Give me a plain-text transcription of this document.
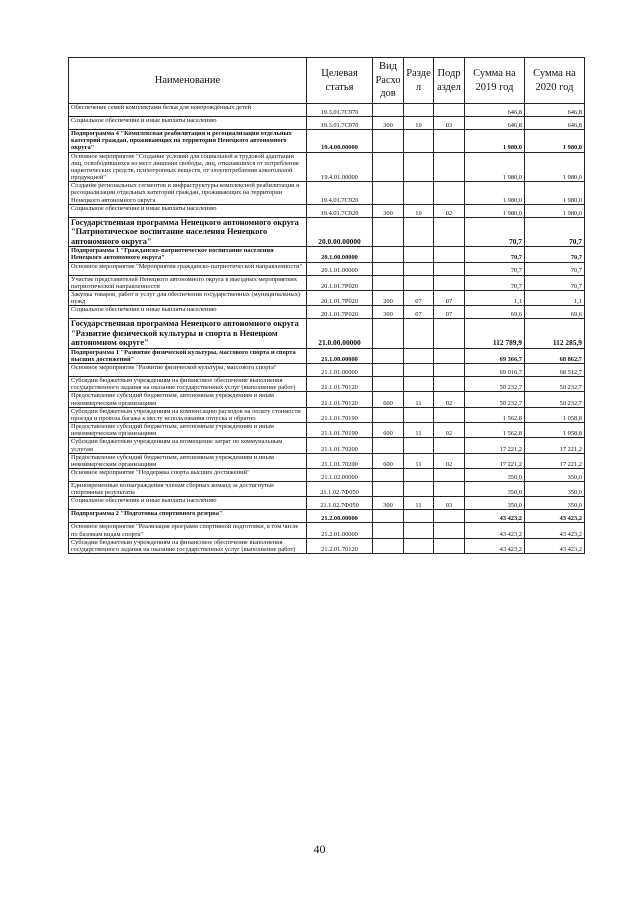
Наименование	Целевая статья	Вид Расхо дов	Разде л	Подр аздел	Сумма на 2019 год	Сумма на 2020 год
Обеспечение семей комплектами белья для новорождённых детей	19.3.01.7С970				646,8	646,8
Социальное обеспечение и иные выплаты населению	19.3.01.7С970	300	10	03	646,8	646,8
Подпрограмма 4 "Комплексная реабилитация и ресоциализация отдельных категорий граждан, проживающих на территории Ненецкого автономного округа"	19.4.00.00000				1 980,0	1 980,0
Основное мероприятие "Создание условий для социальной и трудовой адаптации лиц, освободившихся из мест лишения свободы, лиц, отказавшихся от потребления наркотических средств, психотропных веществ, от злоупотребления алкогольной продукцией"	19.4.01.00000				1 980,0	1 980,0
Создание региональных сегментов и инфраструктуры комплексной реабилитации и ресоциализации отдельных категорий граждан, проживающих на территории Ненецкого автономного округа	19.4.01.7С920				1 980,0	1 980,0
Социальное обеспечение и иные выплаты населению	19.4.01.7С920	300	10	02	1 980,0	1 980,0
Государственная программа Ненецкого автономного округа "Патриотическое воспитание населения Ненецкого автономного округа"	20.0.00.00000				70,7	70,7
Подпрограмма 1 "Гражданско-патриотическое воспитание населения Ненецкого автономного округа"	20.1.00.00000				70,7	70,7
Основное мероприятие "Мероприятия гражданско-патриотической направленности"	20.1.01.00000				70,7	70,7
Участие представителей Ненецкого автономного округа в выездных мероприятиях патриотической направленности	20.1.01.7Р020				70,7	70,7
Закупка товаров, работ и услуг для обеспечения государственных (муниципальных) нужд	20.1.01.7Р020	200	07	07	1,1	1,1
Социальное обеспечение и иные выплаты населению	20.1.01.7Р020	300	07	07	69,6	69,6
Государственная программа Ненецкого автономного округа "Развитие физической культуры и спорта в Ненецком автономном округе"	21.0.00.00000				112 789,9	112 285,9
Подпрограмма 1 "Развитие физической культуры, массового спорта и спорта высших достижений"	21.1.00.00000				69 366,7	68 862,7
Основное мероприятие "Развитие физической культуры, массового спорта"	21.1.01.00000				69 016,7	68 512,7
Субсидии бюджетным учреждениям на финансовое обеспечение выполнения государственного задания на оказание государственных услуг (выполнение работ)	21.1.01.70120				50 232,7	50 232,7
Предоставление субсидий бюджетным, автономным учреждениям и иным некоммерческим организациям	21.1.01.70120	600	11	02	50 232,7	50 232,7
Субсидии бюджетным учреждениям на компенсацию расходов на оплату стоимости проезда и провоза багажа к месту использования отпуска и обратно	21.1.01.70190				1 562,8	1 058,8
Предоставление субсидий бюджетным, автономным учреждениям и иным некоммерческим организациям	21.1.01.70190	600	11	02	1 562,8	1 058,8
Субсидии бюджетным учреждениям на возмещение затрат по коммунальным услугам	21.1.01.70200				17 221,2	17 221,2
Предоставление субсидий бюджетным, автономным учреждениям и иным некоммерческим организациям	21.1.01.70200	600	11	02	17 221,2	17 221,2
Основное мероприятие "Поддержка спорта высших достижений"	21.1.02.00000				350,0	350,0
Единовременные вознаграждения членам сборных команд за достигнутые спортивные результаты	21.1.02.7Ф050				350,0	350,0
Социальное обеспечение и иные выплаты населению	21.1.02.7Ф050	300	11	03	350,0	350,0
Подпрограмма 2 "Подготовка спортивного резерва"	21.2.00.00000				43 423,2	43 423,2
Основное мероприятие "Реализация программ спортивной подготовки, в том числе по базовым видам спорта"	21.2.01.00000				43 423,2	43 423,2
Субсидии бюджетным учреждениям на финансовое обеспечение выполнения государственного задания на оказание государственных услуг (выполнение работ)	21.2.01.70120				43 423,2	43 423,2
40
